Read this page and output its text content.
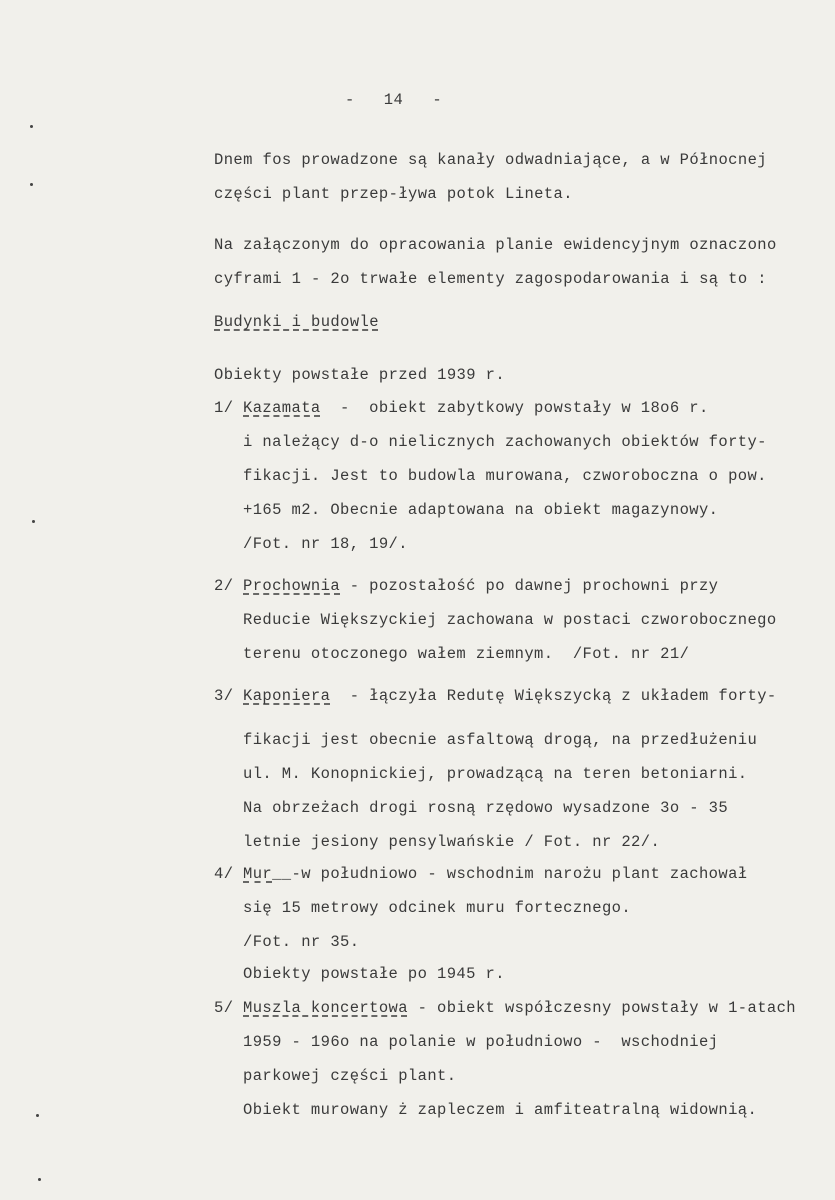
-   14   -
Dnem fos prowadzone są kanały odwadniające, a w Północnej
części plant przep-ływa potok Lineta.
Na załączonym do opracowania planie ewidencyjnym oznaczono
cyframi 1 - 2o trwałe elementy zagospodarowania i są to :
Budynki i budowle
Obiekty powstałe przed 1939 r.
1/ Kazamata  -  obiekt zabytkowy powstały w 18o6 r.
i należący d-o nielicznych zachowanych obiektów forty-
fikacji. Jest to budowla murowana, czworoboczna o pow.
+165 m2. Obecnie adaptowana na obiekt magazynowy.
/Fot. nr 18, 19/.
2/ Prochownia - pozostałość po dawnej prochowni przy
Reducie Większyckiej zachowana w postaci czworobocznego
terenu otoczonego wałem ziemnym.  /Fot. nr 21/
3/ Kaponiera  - łączyła Redutę Większycką z układem forty-
fikacji jest obecnie asfaltową drogą, na przedłużeniu
ul. M. Konopnickiej, prowadzącą na teren betoniarni.
Na obrzeżach drogi rosną rzędowo wysadzone 3o - 35
letnie jesiony pensylwańskie / Fot. nr 22/.
4/ Mur__-w południowo - wschodnim narożu plant zachował
się 15 metrowy odcinek muru fortecznego.
/Fot. nr 35.
Obiekty powstałe po 1945 r.
5/ Muszla koncertowa - obiekt współczesny powstały w 1-atach
1959 - 196o na polanie w południowo -  wschodniej
parkowej części plant.
Obiekt murowany ż zapleczem i amfiteatralną widownią.
